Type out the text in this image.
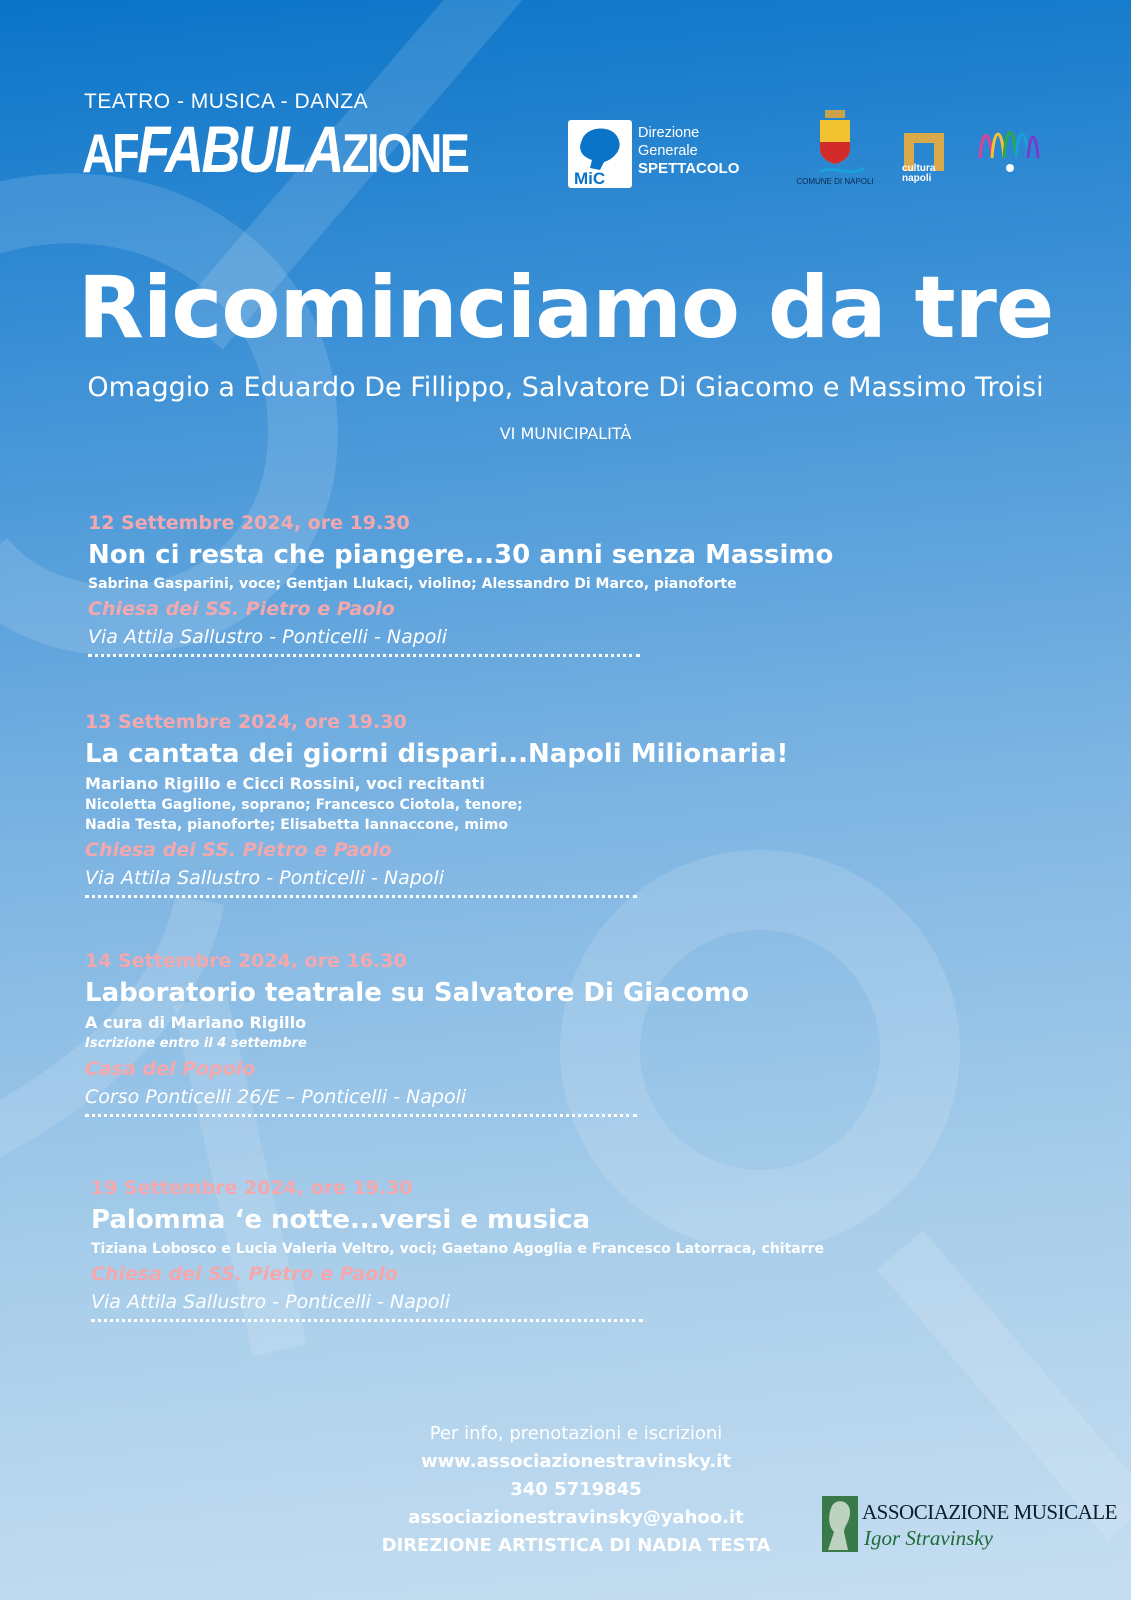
TEATRO - MUSICA - DANZA
AFFABULAZIONE	MiC
Direzione
Generale
SPETTACOLO
COMUNE DI NAPOLI
cultura
napoli
Ricominciamo da tre
Omaggio a Eduardo De Fillippo, Salvatore Di Giacomo e Massimo Troisi
VI MUNICIPALITÀ
12 Settembre 2024, ore 19.30
Non ci resta che piangere...30 anni senza Massimo
Sabrina Gasparini, voce; Gentjan Llukaci, violino; Alessandro Di Marco, pianoforte
Chiesa dei SS. Pietro e Paolo
Via Attila Sallustro - Ponticelli - Napoli
13 Settembre 2024, ore 19.30
La cantata dei giorni dispari...Napoli Milionaria!
Mariano Rigillo e Cicci Rossini, voci recitanti
Nicoletta Gaglione, soprano; Francesco Ciotola, tenore;
Nadia Testa, pianoforte; Elisabetta Iannaccone, mimo
Chiesa dei SS. Pietro e Paolo
Via Attila Sallustro - Ponticelli - Napoli
14 Settembre 2024, ore 16.30
Laboratorio teatrale su Salvatore Di Giacomo
A cura di Mariano Rigillo
Iscrizione entro il 4 settembre
Casa del Popolo
Corso Ponticelli 26/E – Ponticelli - Napoli
19 Settembre 2024, ore 19.30
Palomma ‘e notte...versi e musica
Tiziana Lobosco e Lucia Valeria Veltro, voci; Gaetano Agoglia e Francesco Latorraca, chitarre
Chiesa dei SS. Pietro e Paolo
Via Attila Sallustro - Ponticelli - Napoli
Per info, prenotazioni e iscrizioni
www.associazionestravinsky.it
340 5719845
associazionestravinsky@yahoo.it
DIREZIONE ARTISTICA DI NADIA TESTA
ASSOCIAZIONE MUSICALE
Igor Stravinsky
